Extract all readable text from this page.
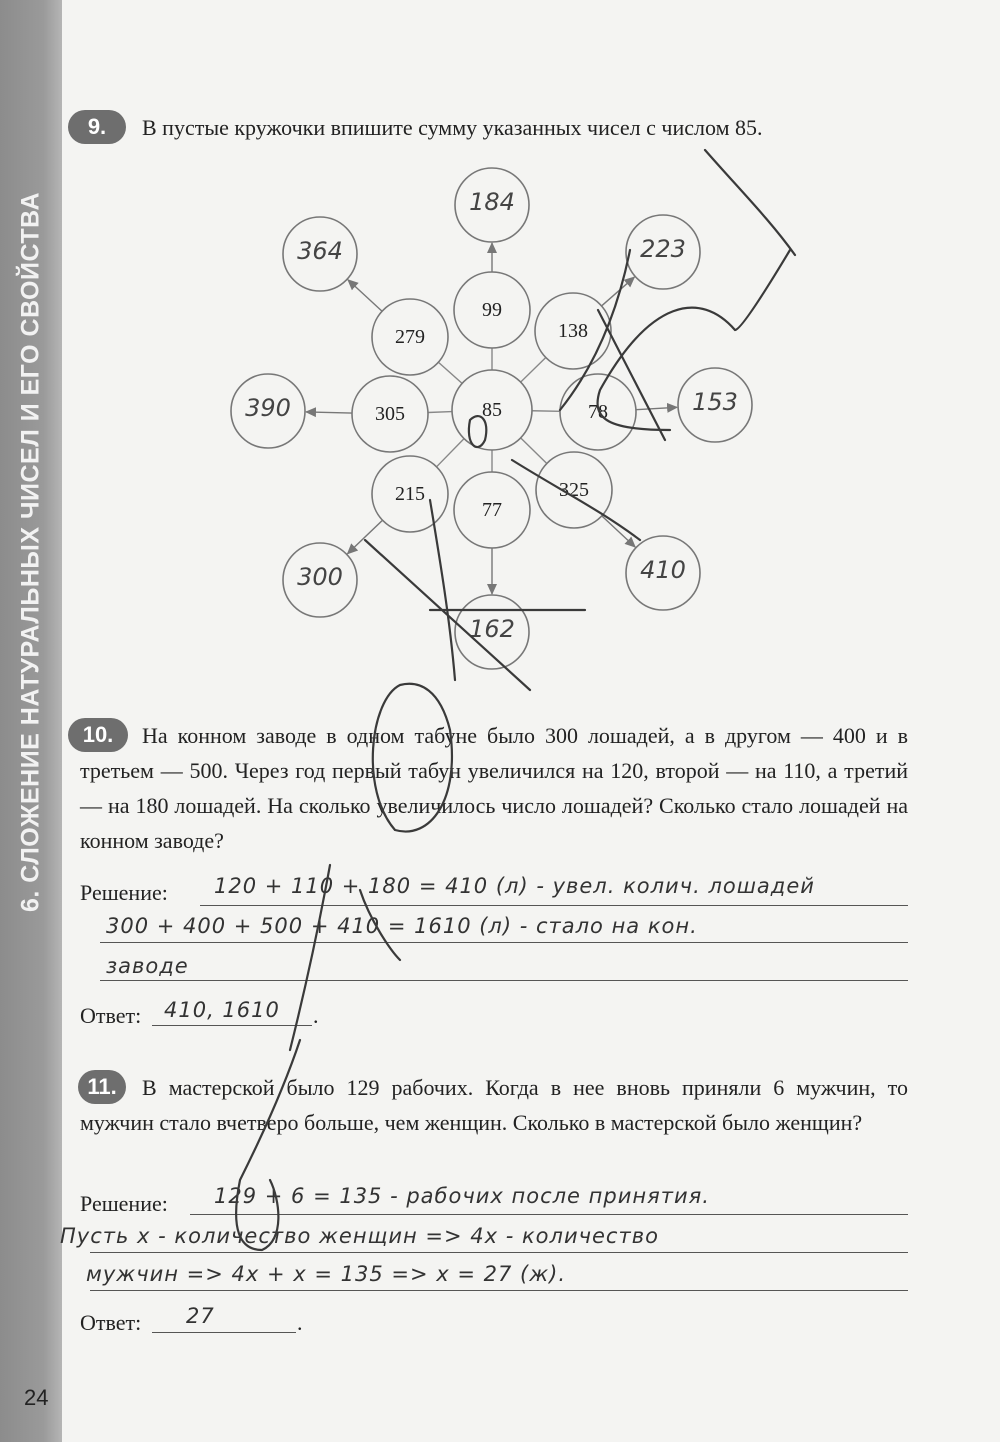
6. СЛОЖЕНИЕ НАТУРАЛЬНЫХ ЧИСЕЛ И ЕГО СВОЙСТВА
9.	В пустые кружочки впишите сумму указанных чисел с числом 85.
85
99
138
78
325
77
215
305
279
184
223
153
410
162
300
390
364
10.	На конном заводе в одном табуне было 300 лошадей, а в другом — 400 и в третьем — 500. Через год первый табун увеличился на 120, второй — на 110, а третий — на 180 лошадей. На сколько увеличилось число лошадей? Сколько стало лошадей на конном заводе?
Решение: 120 + 110 + 180 = 410 (л) - увел. колич. лошадей
300 + 400 + 500 + 410 = 1610 (л) - стало на кон.
заводе
Ответ:	.
410, 1610
11.	В мастерской было 129 рабочих. Когда в нее вновь приняли 6 мужчин, то мужчин стало вчетверо больше, чем женщин. Сколько в мастерской было женщин?
Решение: 129 + 6 = 135 - рабочих после принятия.
Пусть x - количество женщин => 4x - количество
мужчин => 4x + x = 135 => x = 27 (ж).
Ответ:	.
27
24
